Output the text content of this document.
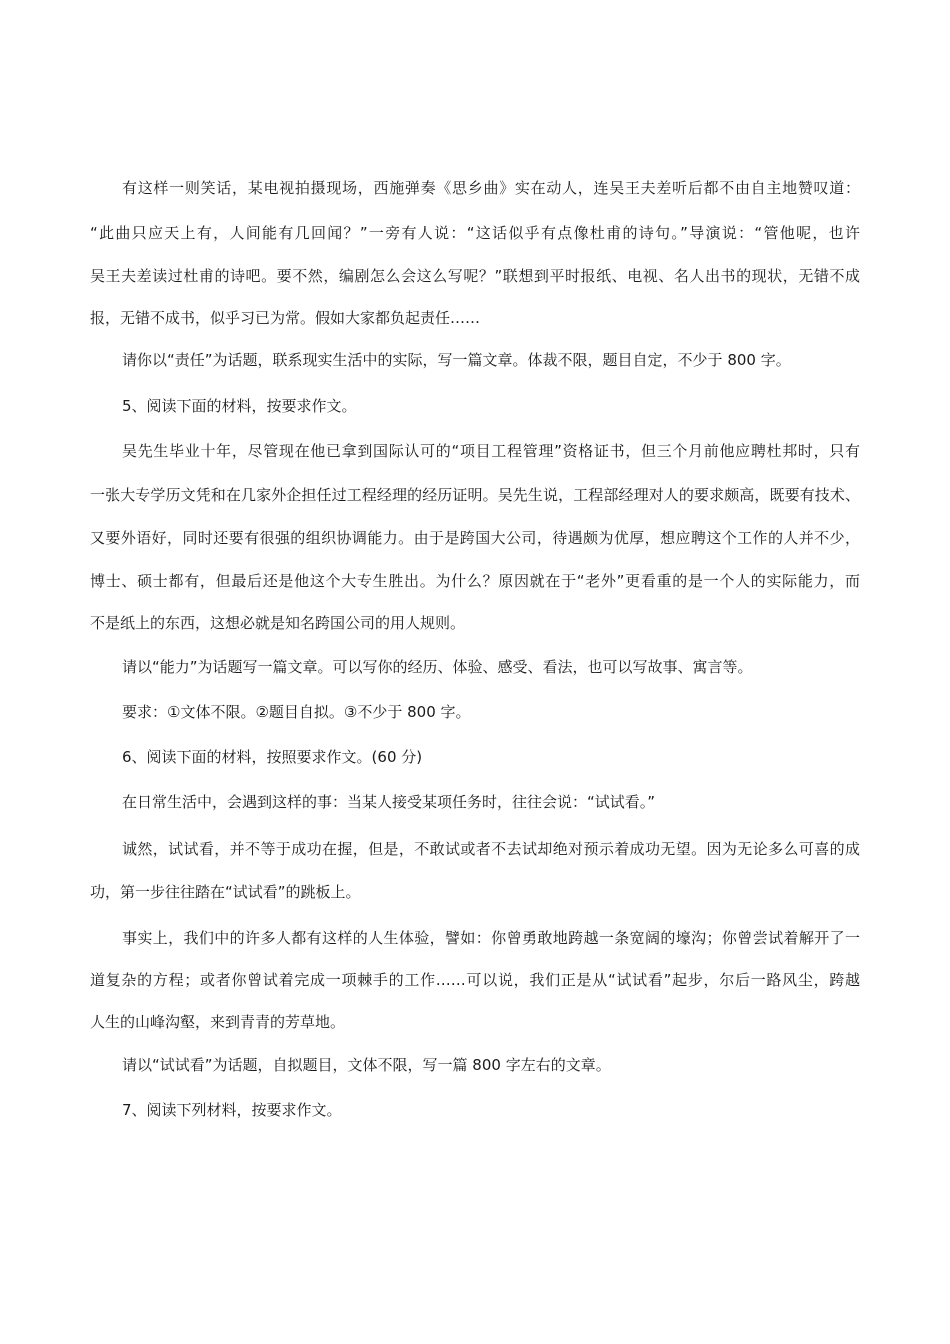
有这样一则笑话，某电视拍摄现场，西施弹奏《思乡曲》实在动人，连吴王夫差听后都不由自主地赞叹道：
“此曲只应天上有，人间能有几回闻？”一旁有人说：“这话似乎有点像杜甫的诗句。”导演说：“管他呢，也许
吴王夫差读过杜甫的诗吧。要不然，编剧怎么会这么写呢？”联想到平时报纸、电视、名人出书的现状，无错不成
报，无错不成书，似乎习已为常。假如大家都负起责任……
请你以“责任”为话题，联系现实生活中的实际，写一篇文章。体裁不限，题目自定，不少于 800 字。
5、阅读下面的材料，按要求作文。
吴先生毕业十年，尽管现在他已拿到国际认可的“项目工程管理”资格证书，但三个月前他应聘杜邦时，只有
一张大专学历文凭和在几家外企担任过工程经理的经历证明。吴先生说，工程部经理对人的要求颇高，既要有技术、
又要外语好，同时还要有很强的组织协调能力。由于是跨国大公司，待遇颇为优厚，想应聘这个工作的人并不少，
博士、硕士都有，但最后还是他这个大专生胜出。为什么？原因就在于“老外”更看重的是一个人的实际能力，而
不是纸上的东西，这想必就是知名跨国公司的用人规则。
请以“能力”为话题写一篇文章。可以写你的经历、体验、感受、看法，也可以写故事、寓言等。
要求：①文体不限。②题目自拟。③不少于 800 字。
6、阅读下面的材料，按照要求作文。(60 分)
在日常生活中，会遇到这样的事：当某人接受某项任务时，往往会说：“试试看。”
诚然，试试看，并不等于成功在握，但是，不敢试或者不去试却绝对预示着成功无望。因为无论多么可喜的成
功，第一步往往踏在“试试看”的跳板上。
事实上，我们中的许多人都有这样的人生体验，譬如：你曾勇敢地跨越一条宽阔的壕沟；你曾尝试着解开了一
道复杂的方程；或者你曾试着完成一项棘手的工作……可以说，我们正是从“试试看”起步，尔后一路风尘，跨越
人生的山峰沟壑，来到青青的芳草地。
请以“试试看”为话题，自拟题目，文体不限，写一篇 800 字左右的文章。
7、阅读下列材料，按要求作文。
